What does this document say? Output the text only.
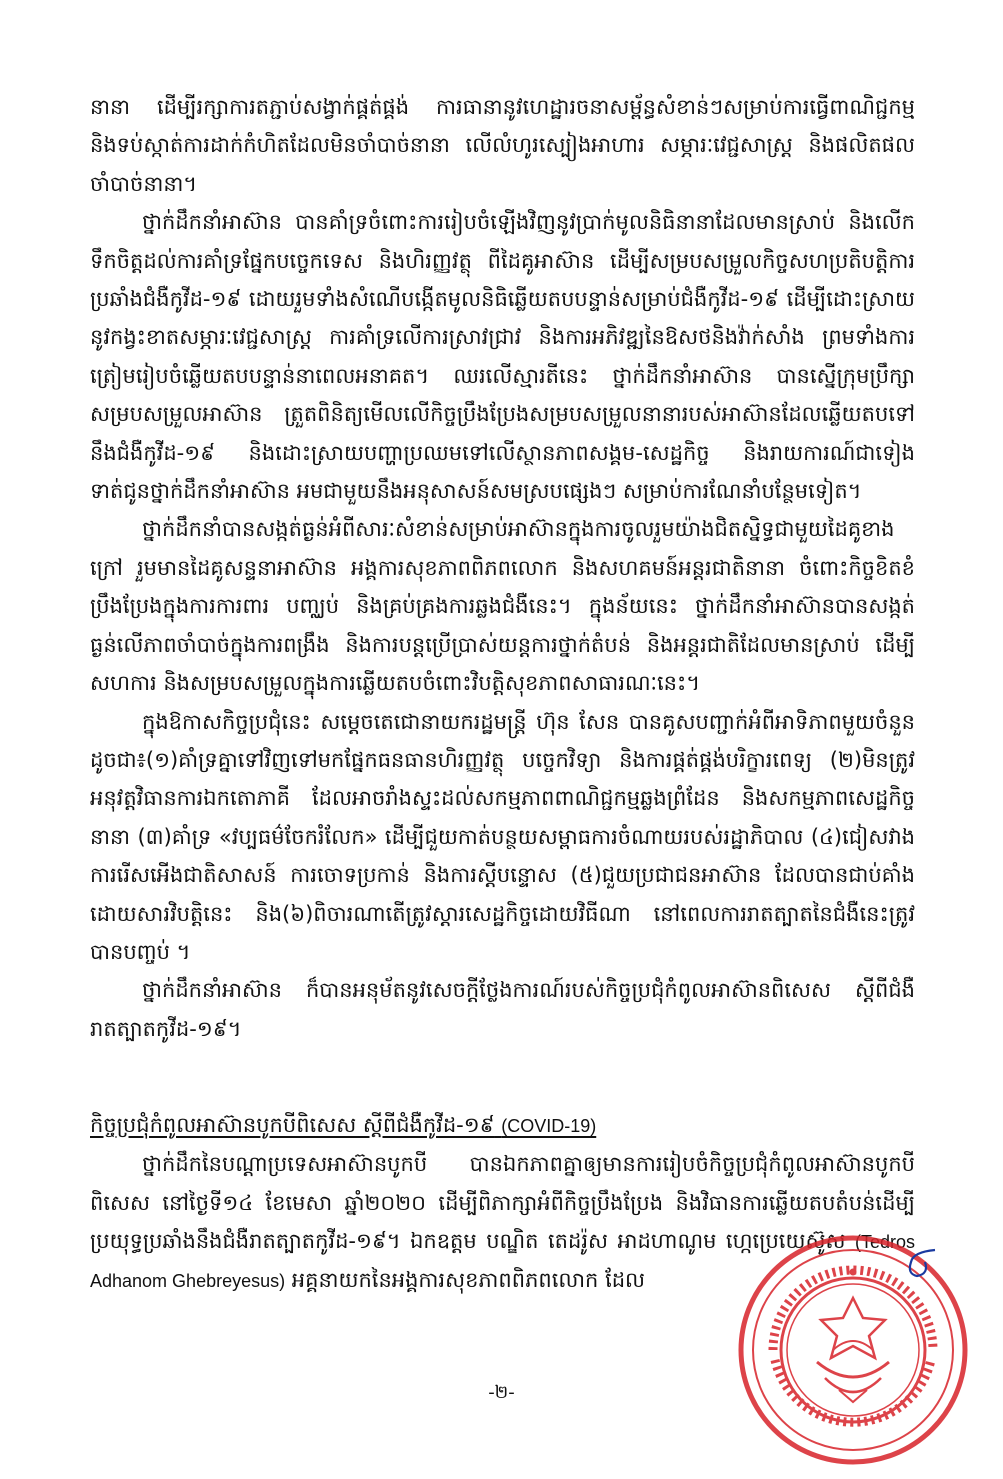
នានា ដើម្បីរក្សាការតភ្ជាប់សង្វាក់ផ្គត់ផ្គង់ ការធានានូវហេដ្ឋារចនាសម្ព័ន្ធសំខាន់ៗសម្រាប់ការធ្វើពាណិជ្ជកម្ម និងទប់ស្កាត់ការដាក់កំហិតដែលមិនចាំបាច់នានា លើលំហូរស្បៀងអាហារ សម្ភារៈវេជ្ជសាស្ត្រ និងផលិតផលចាំបាច់នានា។

ថ្នាក់ដឹកនាំអាស៊ាន បានគាំទ្រចំពោះការរៀបចំឡើងវិញនូវប្រាក់មូលនិធិនានាដែលមានស្រាប់ និងលើកទឹកចិត្តដល់ការគាំទ្រផ្នែកបច្ចេកទេស និងហិរញ្ញវត្ថុ ពីដៃគូអាស៊ាន ដើម្បីសម្របសម្រួលកិច្ចសហប្រតិបត្តិការប្រឆាំងជំងឺកូវីដ-១៩ ដោយរួមទាំងសំណើបង្កើតមូលនិធិឆ្លើយតបបន្ទាន់សម្រាប់ជំងឺកូវីដ-១៩ ដើម្បីដោះស្រាយនូវកង្វះខាតសម្ភារៈវេជ្ជសាស្ត្រ ការគាំទ្រលើការស្រាវជ្រាវ និងការអភិវឌ្ឍនៃឱសថនិងវ៉ាក់សាំង ព្រមទាំងការត្រៀមរៀបចំឆ្លើយតបបន្ទាន់នាពេលអនាគត។ ឈរលើស្មារតីនេះ ថ្នាក់ដឹកនាំអាស៊ាន បានស្នើក្រុមប្រឹក្សាសម្របសម្រួលអាស៊ាន ត្រួតពិនិត្យមើលលើកិច្ចប្រឹងប្រែងសម្របសម្រួលនានារបស់អាស៊ានដែលឆ្លើយតបទៅនឹងជំងឺកូវីដ-១៩ និងដោះស្រាយបញ្ហាប្រឈមទៅលើស្ថានភាពសង្គម-សេដ្ឋកិច្ច និងរាយការណ៍ជាទៀងទាត់ជូនថ្នាក់ដឹកនាំអាស៊ាន អមជាមួយនឹងអនុសាសន៍សមស្របផ្សេងៗ សម្រាប់ការណែនាំបន្ថែមទៀត។

ថ្នាក់ដឹកនាំបានសង្កត់ធ្ងន់អំពីសារៈសំខាន់សម្រាប់អាស៊ានក្នុងការចូលរួមយ៉ាងជិតស្និទ្ធជាមួយដៃគូខាងក្រៅ រួមមានដៃគូសន្ទនាអាស៊ាន អង្គការសុខភាពពិភពលោក និងសហគមន៍អន្តរជាតិនានា ចំពោះកិច្ចខិតខំប្រឹងប្រែងក្នុងការការពារ បញ្ឈប់ និងគ្រប់គ្រងការឆ្លងជំងឺនេះ។ ក្នុងន័យនេះ ថ្នាក់ដឹកនាំអាស៊ានបានសង្កត់ធ្ងន់លើភាពចាំបាច់ក្នុងការពង្រឹង និងការបន្តប្រើប្រាស់យន្តការថ្នាក់តំបន់ និងអន្តរជាតិដែលមានស្រាប់ ដើម្បីសហការ និងសម្របសម្រួលក្នុងការឆ្លើយតបចំពោះវិបត្តិសុខភាពសាធារណៈនេះ។

ក្នុងឱកាសកិច្ចប្រជុំនេះ សម្តេចតេជោនាយករដ្ឋមន្ត្រី ហ៊ុន សែន បានគូសបញ្ជាក់អំពីអាទិភាពមួយចំនួន ដូចជា៖(១)គាំទ្រគ្នាទៅវិញទៅមកផ្នែកធនធានហិរញ្ញវត្ថុ បច្ចេកវិទ្យា និងការផ្គត់ផ្គង់បរិក្ខារពេទ្យ (២)មិនត្រូវអនុវត្តវិធានការឯកតោភាគី ដែលអាចរាំងស្ទះដល់សកម្មភាពពាណិជ្ជកម្មឆ្លងព្រំដែន និងសកម្មភាពសេដ្ឋកិច្ចនានា (៣)គាំទ្រ «វប្បធម៌ចែករំលែក» ដើម្បីជួយកាត់បន្ថយសម្ពាធការចំណាយរបស់រដ្ឋាភិបាល (៤)ជៀសវាងការរើសអើងជាតិសាសន៍ ការចោទប្រកាន់ និងការស្តីបន្ទោស (៥)ជួយប្រជាជនអាស៊ាន ដែលបានជាប់គាំងដោយសារវិបត្តិនេះ និង(៦)ពិចារណាតើត្រូវស្តារសេដ្ឋកិច្ចដោយវិធីណា នៅពេលការរាតត្បាតនៃជំងឺនេះត្រូវបានបញ្ចប់ ។

ថ្នាក់ដឹកនាំអាស៊ាន ក៏បានអនុម័តនូវសេចក្តីថ្លែងការណ៍របស់កិច្ចប្រជុំកំពូលអាស៊ានពិសេស ស្តីពីជំងឺរាតត្បាតកូវីដ-១៩។

កិច្ចប្រជុំកំពូលអាស៊ានបូកបីពិសេស ស្តីពីជំងឺកូវីដ-១៩ (COVID-19)

ថ្នាក់ដឹកនៃបណ្តាប្រទេសអាស៊ានបូកបី បានឯកភាពគ្នាឲ្យមានការរៀបចំកិច្ចប្រជុំកំពូលអាស៊ានបូកបីពិសេស នៅថ្ងៃទី១៤ ខែមេសា ឆ្នាំ២០២០ ដើម្បីពិភាក្សាអំពីកិច្ចប្រឹងប្រែង និងវិធានការឆ្លើយតបតំបន់ដើម្បីប្រយុទ្ធប្រឆាំងនឹងជំងឺរាតត្បាតកូវីដ-១៩។ ឯកឧត្តម បណ្ឌិត តេដរ៉ូស អាដហាណូម ហ្កេប្រេយេស៊ូស (Tedros Adhanom Ghebreyesus) អគ្គនាយកនៃអង្គការសុខភាពពិភពលោក ដែល

-២-
